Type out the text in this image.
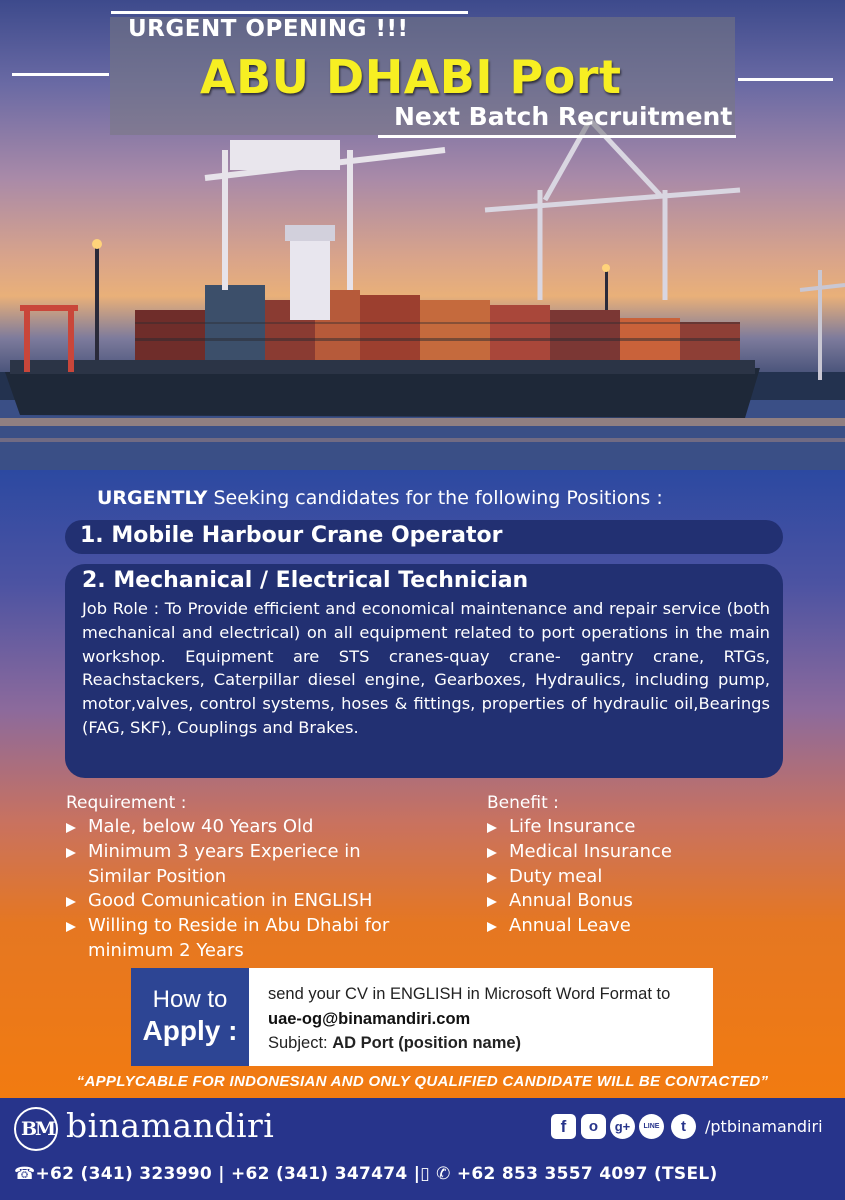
URGENT OPENING !!!
ABU DHABI Port
Next Batch Recruitment
URGENTLY Seeking candidates for the following Positions :
1. Mobile Harbour Crane Operator
2. Mechanical / Electrical Technician
Job Role : To Provide efficient and economical maintenance and repair service (both mechanical and electrical) on all equipment related to port operations in the main workshop. Equipment are STS cranes-quay crane- gantry crane, RTGs, Reachstackers, Caterpillar diesel engine, Gearboxes, Hydraulics, including pump, motor,valves, control systems, hoses & fittings, properties of hydraulic oil,Bearings (FAG, SKF), Couplings and Brakes.
Requirement :
Male, below 40 Years Old
Minimum 3 years Experiece in Similar Position
Good Comunication in ENGLISH
Willing to Reside in Abu Dhabi for minimum 2 Years
Benefit :
Life Insurance
Medical Insurance
Duty meal
Annual Bonus
Annual Leave
How to
Apply :
send your CV in ENGLISH in Microsoft Word Format to
uae-og@binamandiri.com
Subject: AD Port (position name)
“APPLYCABLE FOR INDONESIAN AND ONLY QUALIFIED CANDIDATE WILL BE CONTACTED”
BM binamandiri	f	o	g+	LINE	t	/ptbinamandiri
☎+62 (341) 323990 | +62 (341) 347474 |▯ ✆ +62 853 3557 4097 (TSEL)
